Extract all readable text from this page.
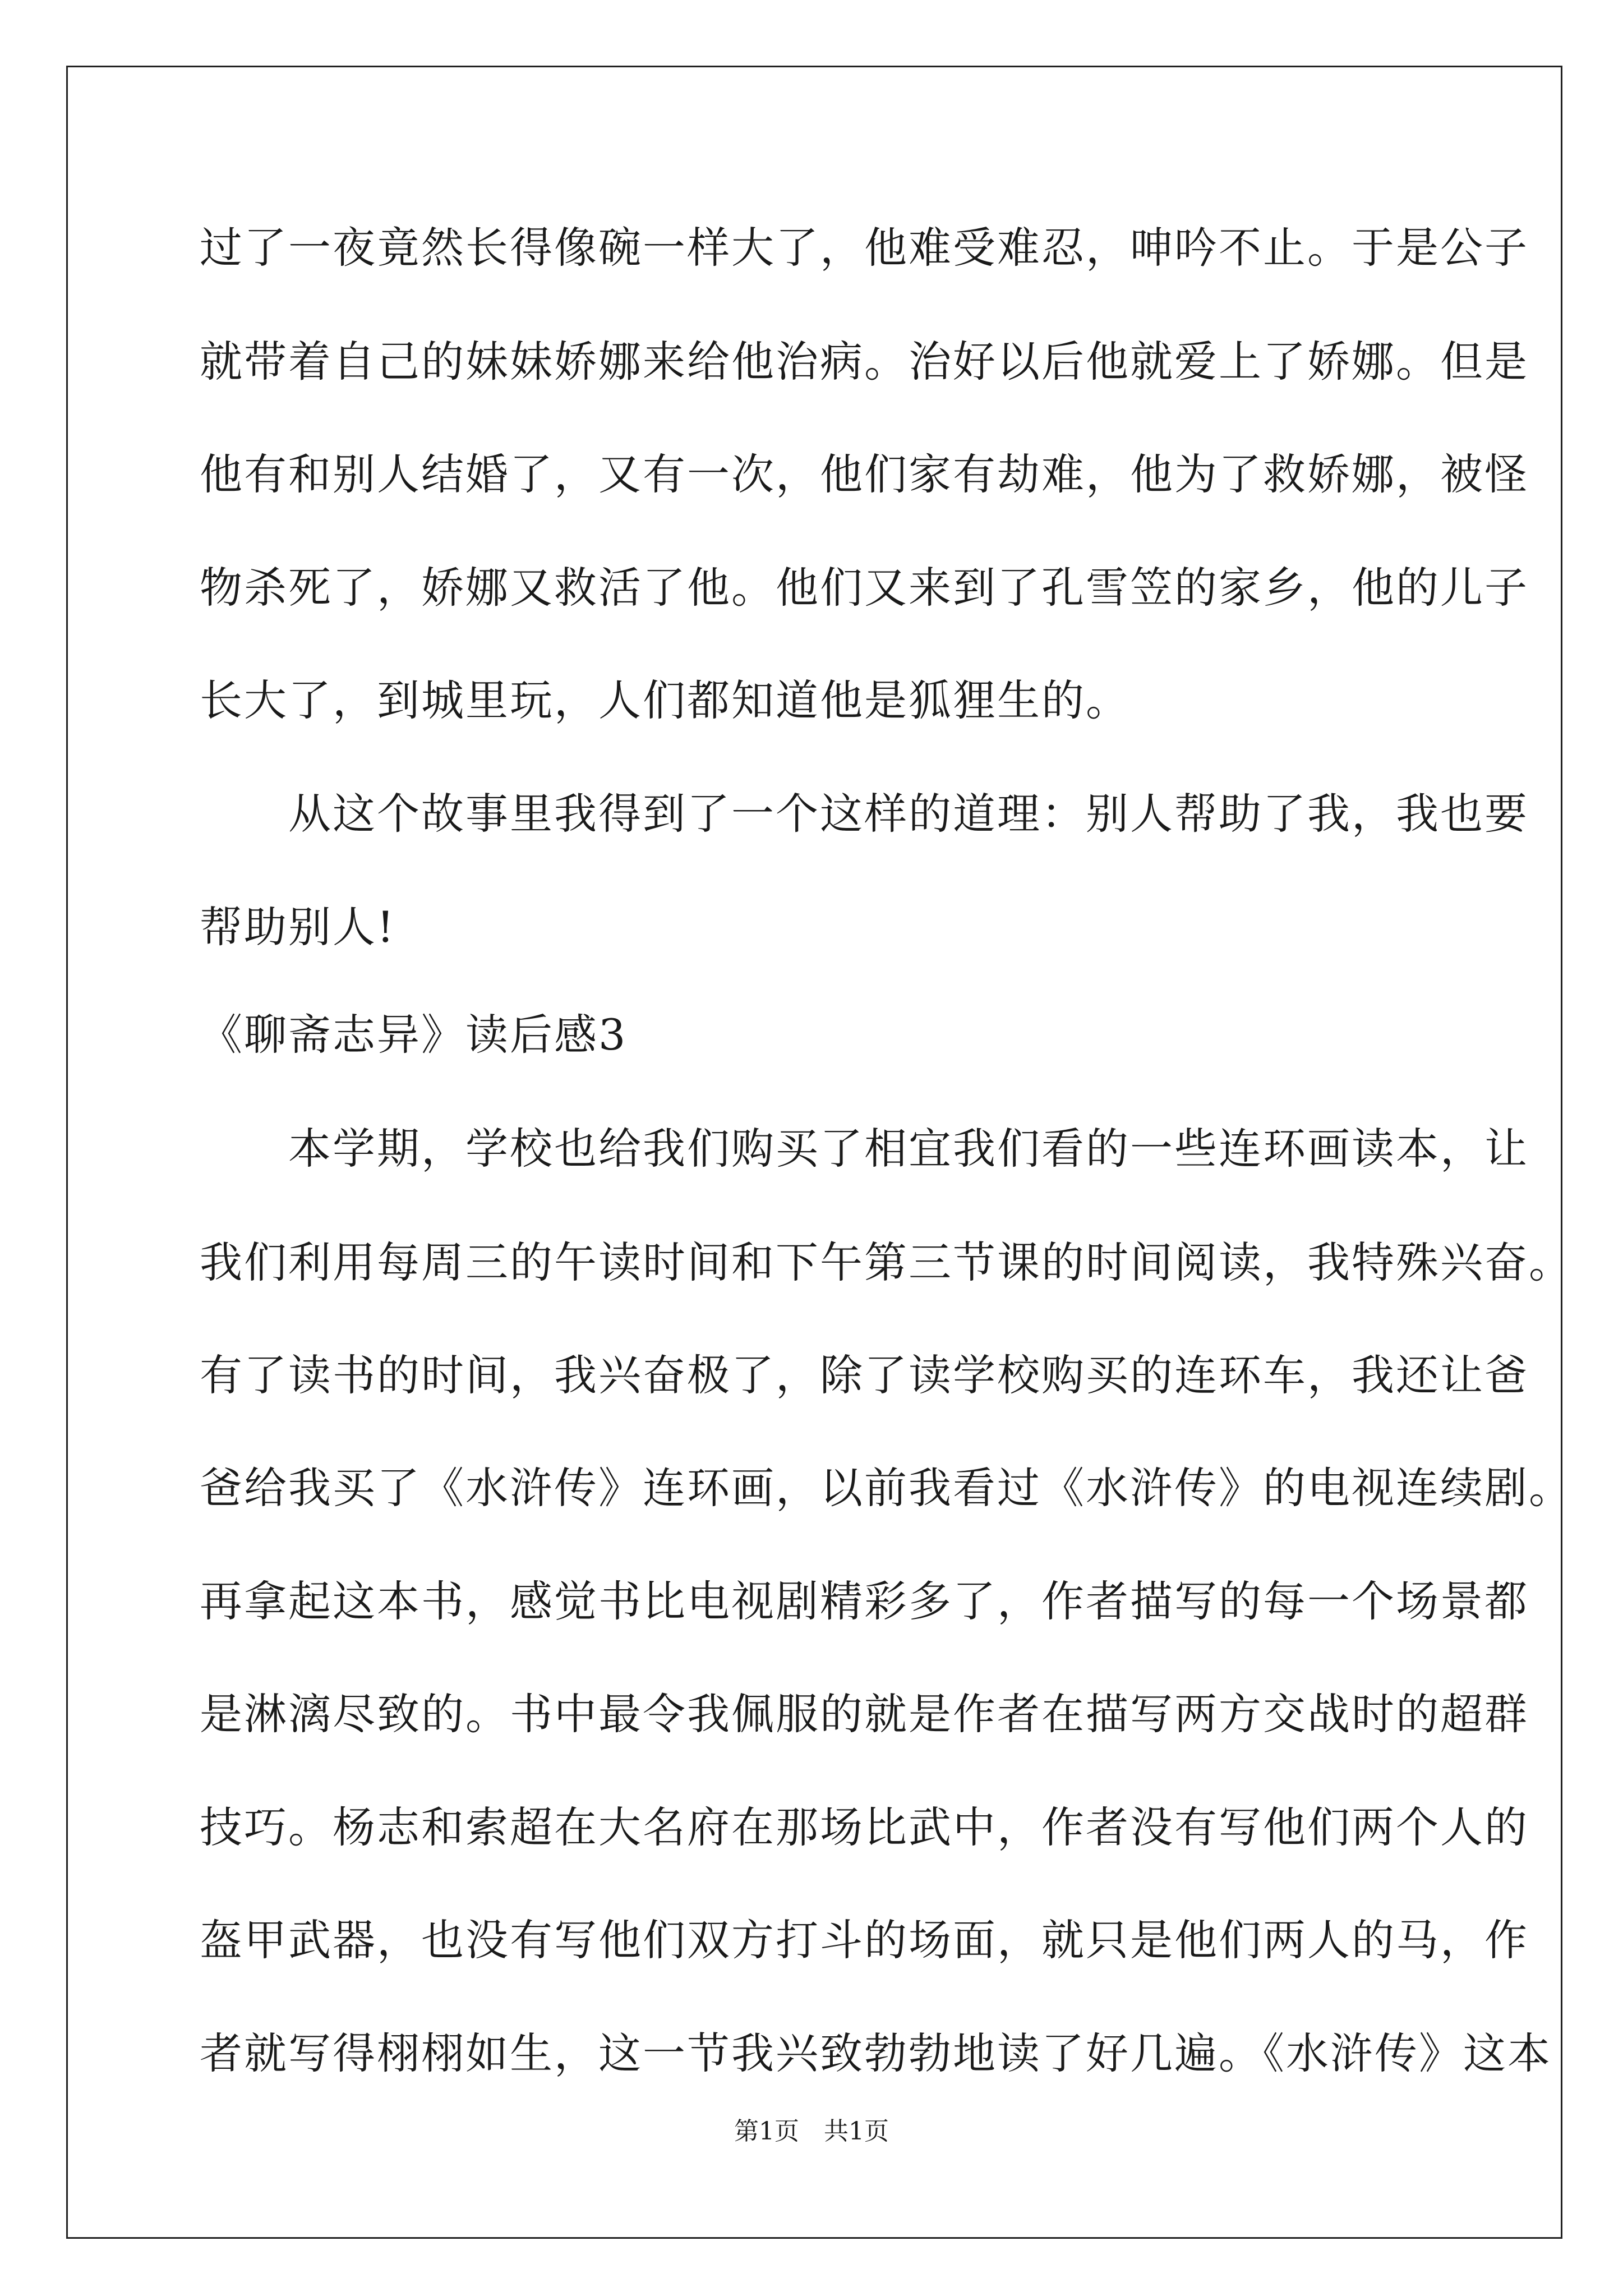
过了一夜竟然长得像碗一样大了，他难受难忍，呻吟不止。于是公子
就带着自己的妹妹娇娜来给他治病。治好以后他就爱上了娇娜。但是
他有和别人结婚了，又有一次，他们家有劫难，他为了救娇娜，被怪
物杀死了，娇娜又救活了他。他们又来到了孔雪笠的家乡，他的儿子
长大了，到城里玩，人们都知道他是狐狸生的。
　　从这个故事里我得到了一个这样的道理：别人帮助了我，我也要
帮助别人!
《聊斋志异》读后感3
　　本学期，学校也给我们购买了相宜我们看的一些连环画读本，让
我们利用每周三的午读时间和下午第三节课的时间阅读，我特殊兴奋。
有了读书的时间，我兴奋极了，除了读学校购买的连环车，我还让爸
爸给我买了《水浒传》连环画，以前我看过《水浒传》的电视连续剧。
再拿起这本书，感觉书比电视剧精彩多了，作者描写的每一个场景都
是淋漓尽致的。书中最令我佩服的就是作者在描写两方交战时的超群
技巧。杨志和索超在大名府在那场比武中，作者没有写他们两个人的
盔甲武器，也没有写他们双方打斗的场面，就只是他们两人的马，作
者就写得栩栩如生，这一节我兴致勃勃地读了好几遍。《水浒传》这本
第1页　共1页
